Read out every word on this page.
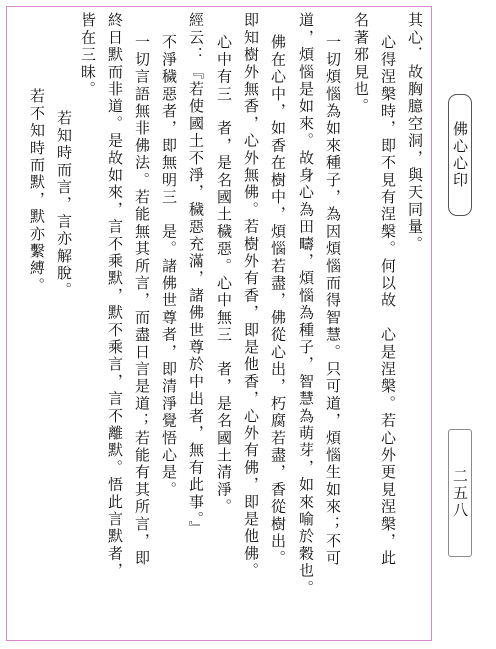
其心．故胸臆空洞，與天同量。
心得涅槃時，即不見有涅槃。何以故　心是涅槃。若心外更見涅槃，此
名著邪見也。
一切煩惱為如來種子，為因煩惱而得智慧。只可道，煩惱生如來；不可
道，煩惱是如來。故身心為田疇，煩惱為種子，智慧為萌芽，如來喻於穀也。
佛在心中，如香在樹中，煩惱若盡，佛從心出，朽腐若盡，香從樹出。
即知樹外無香，心外無佛。若樹外有香，即是他香，心外有佛，即是他佛。
心中有三　者，是名國土穢惡。心中無三　者，是名國土清淨。
經云：『若使國土不淨，穢惡充滿，諸佛世尊於中出者，無有此事。』
不淨穢惡者，即無明三　是。諸佛世尊者，即清淨覺悟心是。
一切言語無非佛法。若能無其所言，而盡日言是道；若能有其所言，即
終日默而非道。是故如來，言不乘默，默不乘言，言不離默。悟此言默者，
皆在三昧。
若知時而言，言亦解脫。
若不知時而默，默亦繫縛。	佛心心印
二五八
